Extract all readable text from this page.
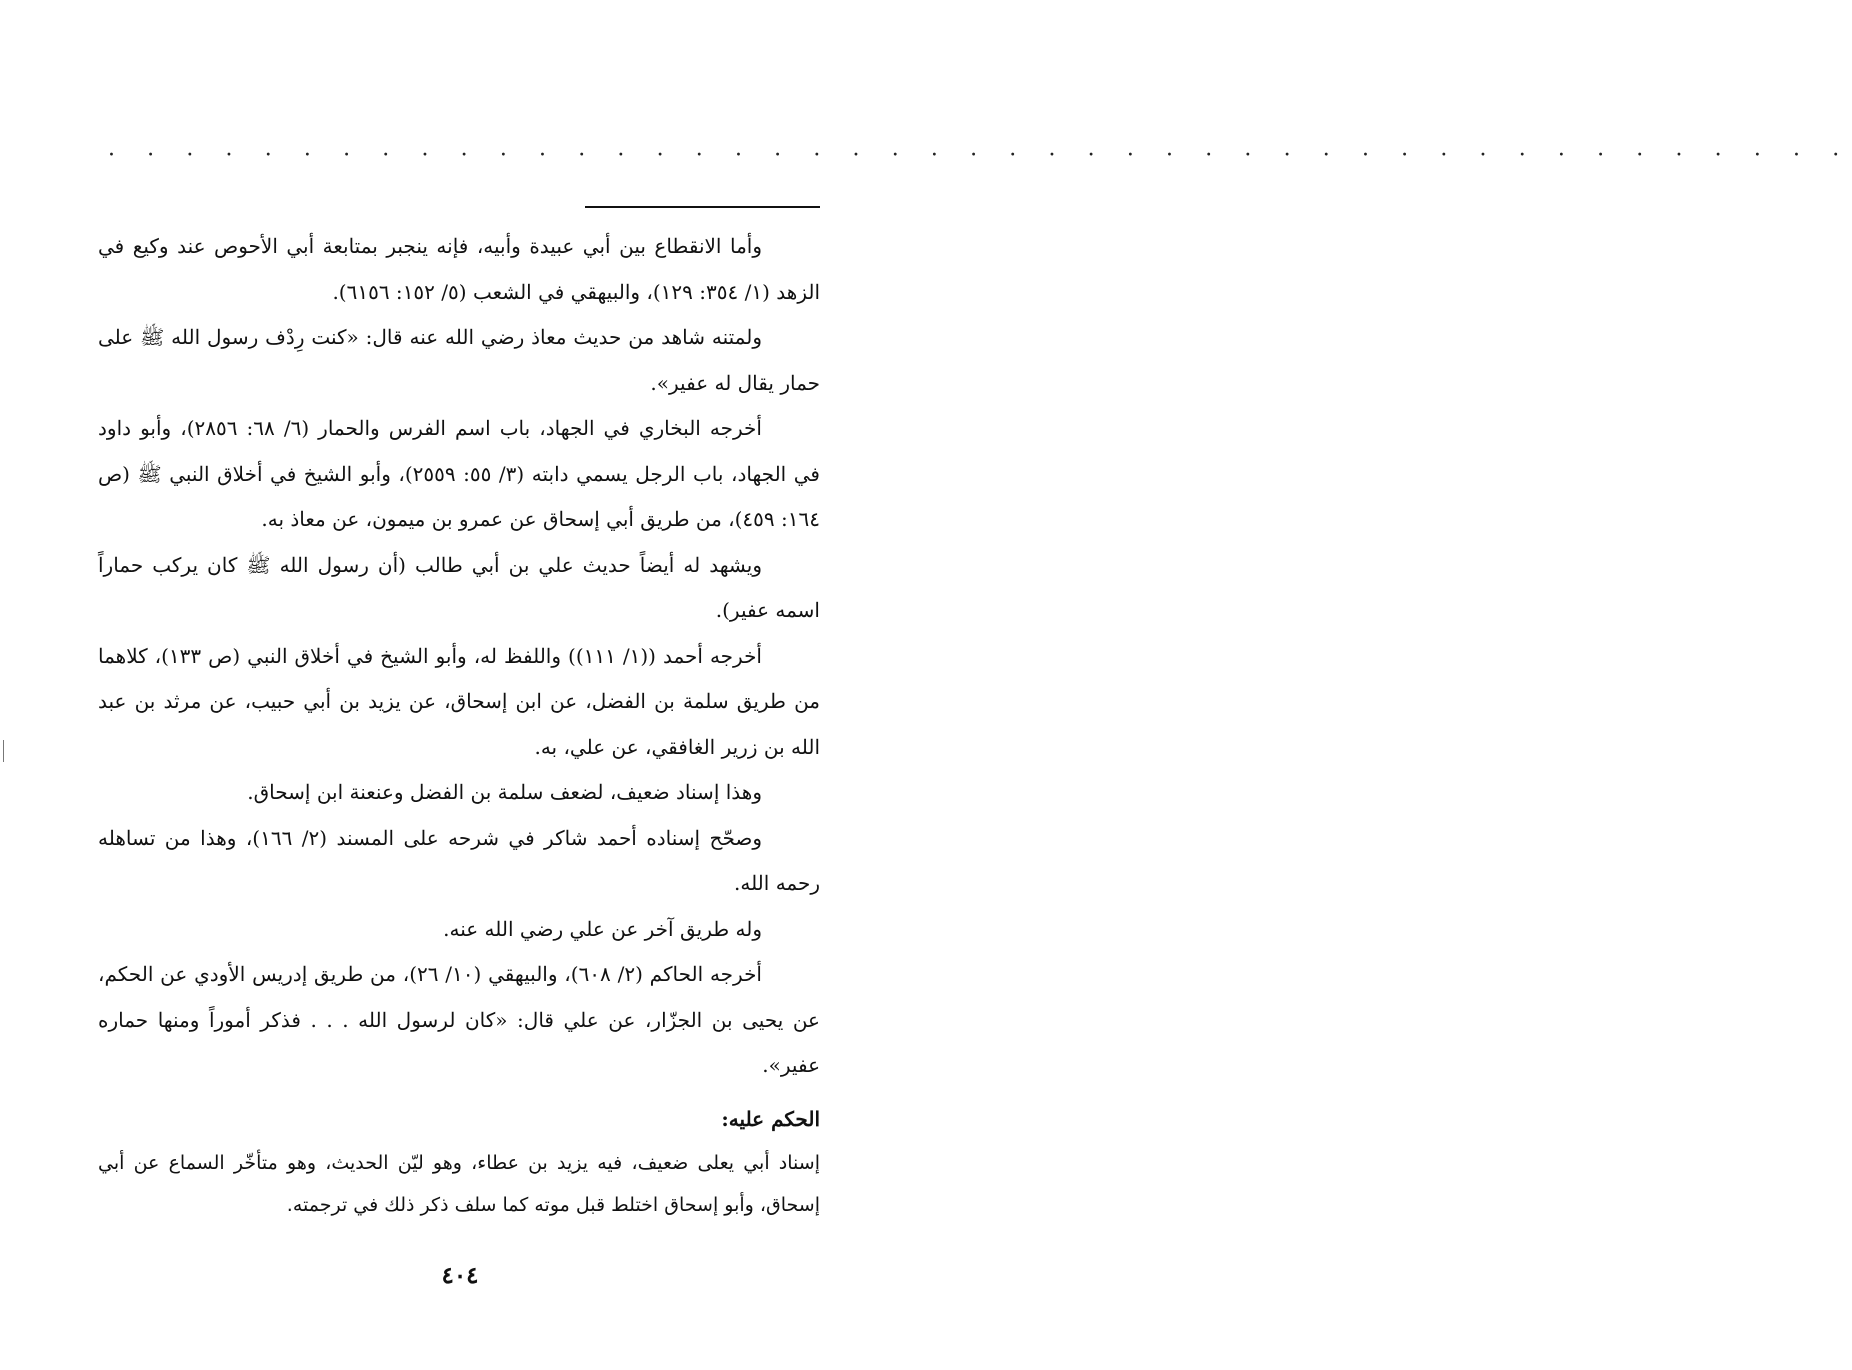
· · · · · · · · · · · · · · · · · · · · · · · · · · · · · · · · · · · · · · · · · · · · ·

وأما الانقطاع بين أبي عبيدة وأبيه، فإنه ينجبر بمتابعة أبي الأحوص عند وكيع في الزهد (١/ ٣٥٤: ١٢٩)، والبيهقي في الشعب (٥/ ١٥٢: ٦١٥٦).

ولمتنه شاهد من حديث معاذ رضي الله عنه قال: «كنت رِدْف رسول الله ﷺ على حمار يقال له عفير».

أخرجه البخاري في الجهاد، باب اسم الفرس والحمار (٦/ ٦٨: ٢٨٥٦)، وأبو داود في الجهاد، باب الرجل يسمي دابته (٣/ ٥٥: ٢٥٥٩)، وأبو الشيخ في أخلاق النبي ﷺ (ص ١٦٤: ٤٥٩)، من طريق أبي إسحاق عن عمرو بن ميمون، عن معاذ به.

ويشهد له أيضاً حديث علي بن أبي طالب (أن رسول الله ﷺ كان يركب حماراً اسمه عفير).

أخرجه أحمد ((١/ ١١١)) واللفظ له، وأبو الشيخ في أخلاق النبي (ص ١٣٣)، كلاهما من طريق سلمة بن الفضل، عن ابن إسحاق، عن يزيد بن أبي حبيب، عن مرثد بن عبد الله بن زرير الغافقي، عن علي، به.

وهذا إسناد ضعيف، لضعف سلمة بن الفضل وعنعنة ابن إسحاق.

وصحّح إسناده أحمد شاكر في شرحه على المسند (٢/ ١٦٦)، وهذا من تساهله رحمه الله.

وله طريق آخر عن علي رضي الله عنه.

أخرجه الحاكم (٢/ ٦٠٨)، والبيهقي (١٠/ ٢٦)، من طريق إدريس الأودي عن الحكم، عن يحيى بن الجزّار، عن علي قال: «كان لرسول الله . . . فذكر أموراً ومنها حماره عفير».

الحكم عليه:

إسناد أبي يعلى ضعيف، فيه يزيد بن عطاء، وهو ليّن الحديث، وهو متأخّر السماع عن أبي إسحاق، وأبو إسحاق اختلط قبل موته كما سلف ذكر ذلك في ترجمته.

٤٠٤
